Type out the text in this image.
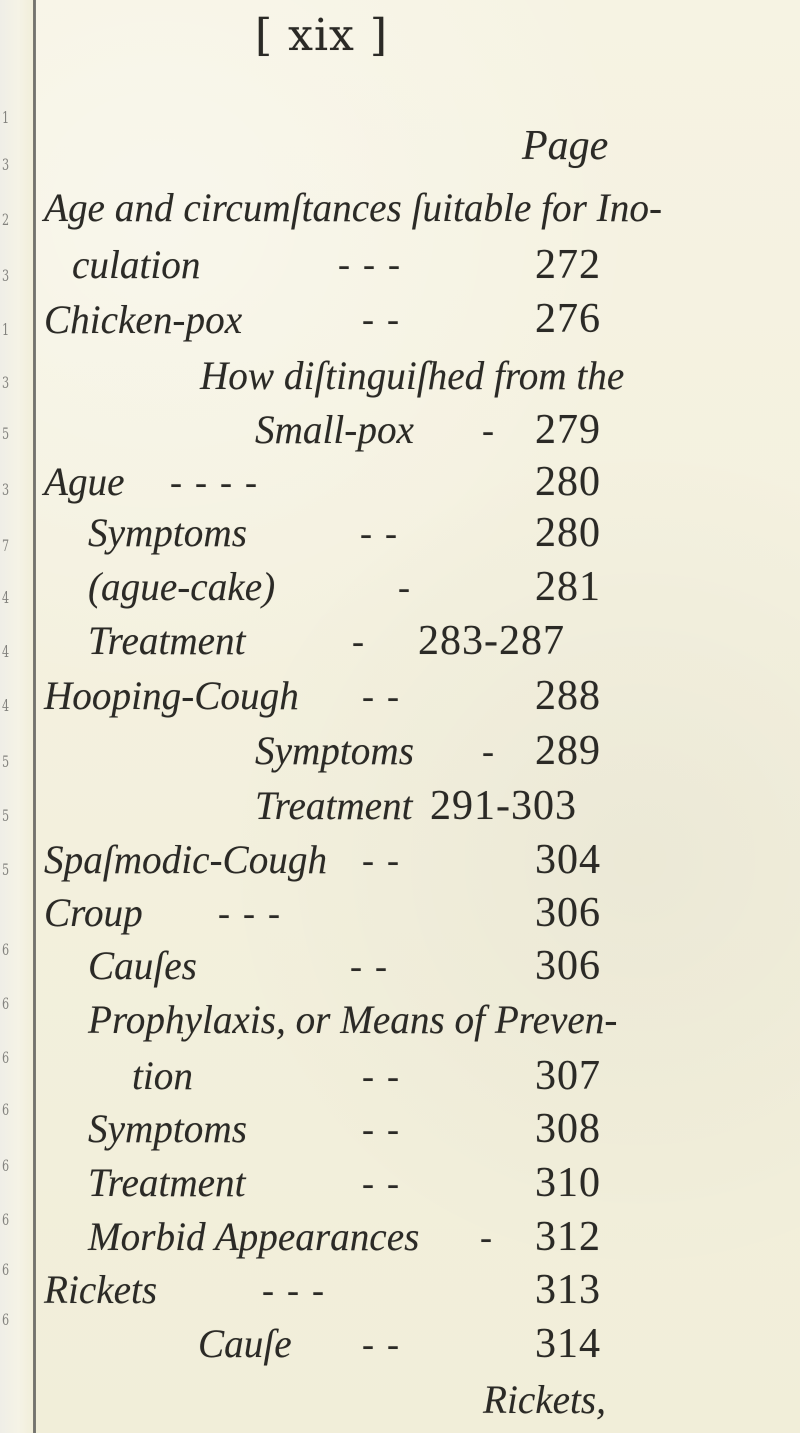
1
3
2
3
1
3
5
3
7
4
4
4
5
5
5
6
6
6
6
6
6
6
6
[ xix ]
Page
Age and circumſtances ſuitable for Ino-
culation	- - -	272
Chicken-pox	- -	276
How diſtinguiſhed from the
Small-pox - 279
Ague - - - -	280
Symptoms	- -	280
(ague-cake)	-	281
Treatment	- 283-287
Hooping-Cough - -	288
Symptoms - 289
Treatment 291-303
Spaſmodic-Cough - -	304
Croup - - -	306
Cauſes	- -	306
Prophylaxis, or Means of Preven-
tion	- -	307
Symptoms	- -	308
Treatment	- -	310
Morbid Appearances - 312
Rickets	- - -	313
Cauſe - -	314
Rickets,
